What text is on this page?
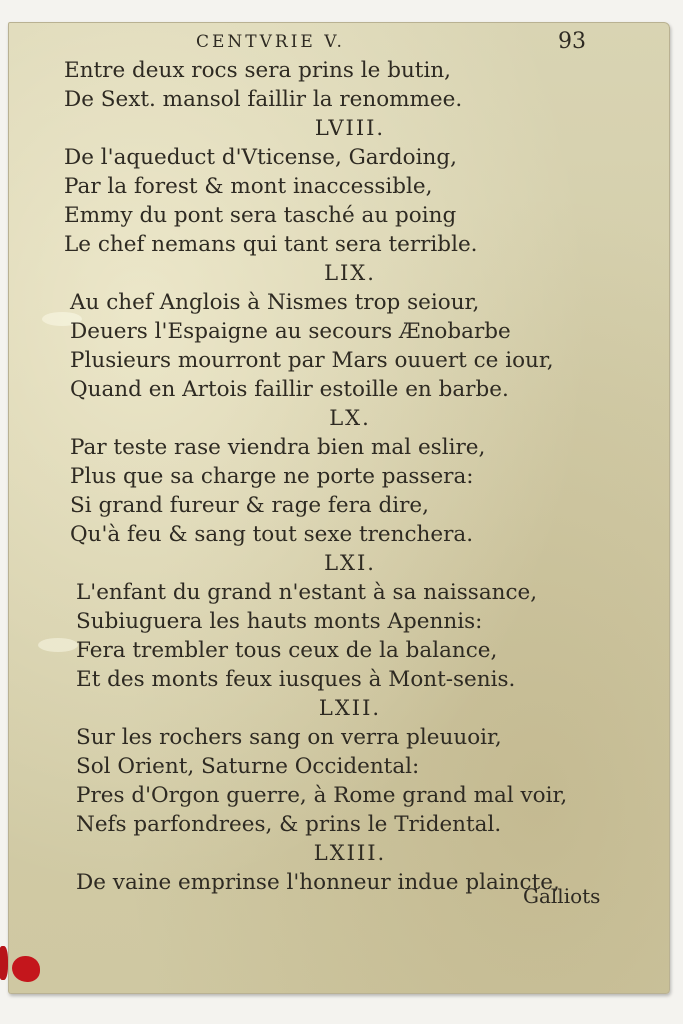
CENTVRIE V.	93
Entre deux rocs sera prins le butin,
De Sext. mansol faillir la renommee.
LVIII.
De l'aqueduct d'Vticense, Gardoing,
Par la forest & mont inaccessible,
Emmy du pont sera tasché au poing
Le chef nemans qui tant sera terrible.
LIX.
Au chef Anglois à Nismes trop seiour,
Deuers l'Espaigne au secours Ænobarbe
Plusieurs mourront par Mars ouuert ce iour,
Quand en Artois faillir estoille en barbe.
LX.
Par teste rase viendra bien mal eslire,
Plus que sa charge ne porte passera:
Si grand fureur & rage fera dire,
Qu'à feu & sang tout sexe trenchera.
LXI.
L'enfant du grand n'estant à sa naissance,
Subiuguera les hauts monts Apennis:
Fera trembler tous ceux de la balance,
Et des monts feux iusques à Mont-senis.
LXII.
Sur les rochers sang on verra pleuuoir,
Sol Orient, Saturne Occidental:
Pres d'Orgon guerre, à Rome grand mal voir,
Nefs parfondrees, & prins le Tridental.
LXIII.
De vaine emprinse l'honneur indue plaincte,
Galliots
